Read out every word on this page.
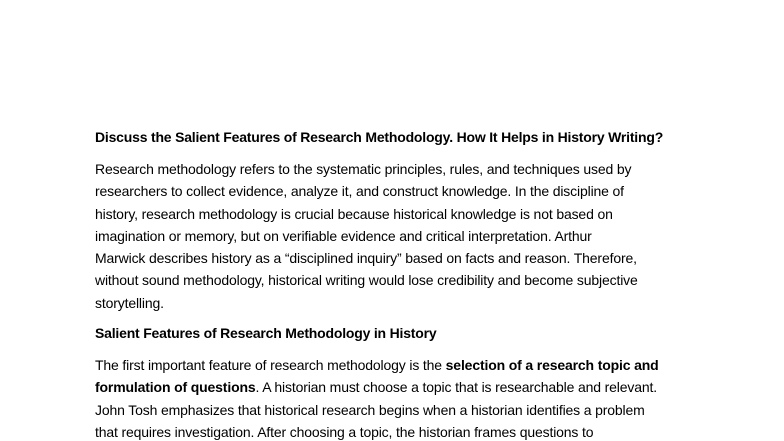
Discuss the Salient Features of Research Methodology. How It Helps in History Writing?
Research methodology refers to the systematic principles, rules, and techniques used by
researchers to collect evidence, analyze it, and construct knowledge. In the discipline of
history, research methodology is crucial because historical knowledge is not based on
imagination or memory, but on verifiable evidence and critical interpretation. Arthur
Marwick describes history as a “disciplined inquiry” based on facts and reason. Therefore,
without sound methodology, historical writing would lose credibility and become subjective
storytelling.
Salient Features of Research Methodology in History
The first important feature of research methodology is the selection of a research topic and
formulation of questions. A historian must choose a topic that is researchable and relevant.
John Tosh emphasizes that historical research begins when a historian identifies a problem
that requires investigation. After choosing a topic, the historian frames questions to
